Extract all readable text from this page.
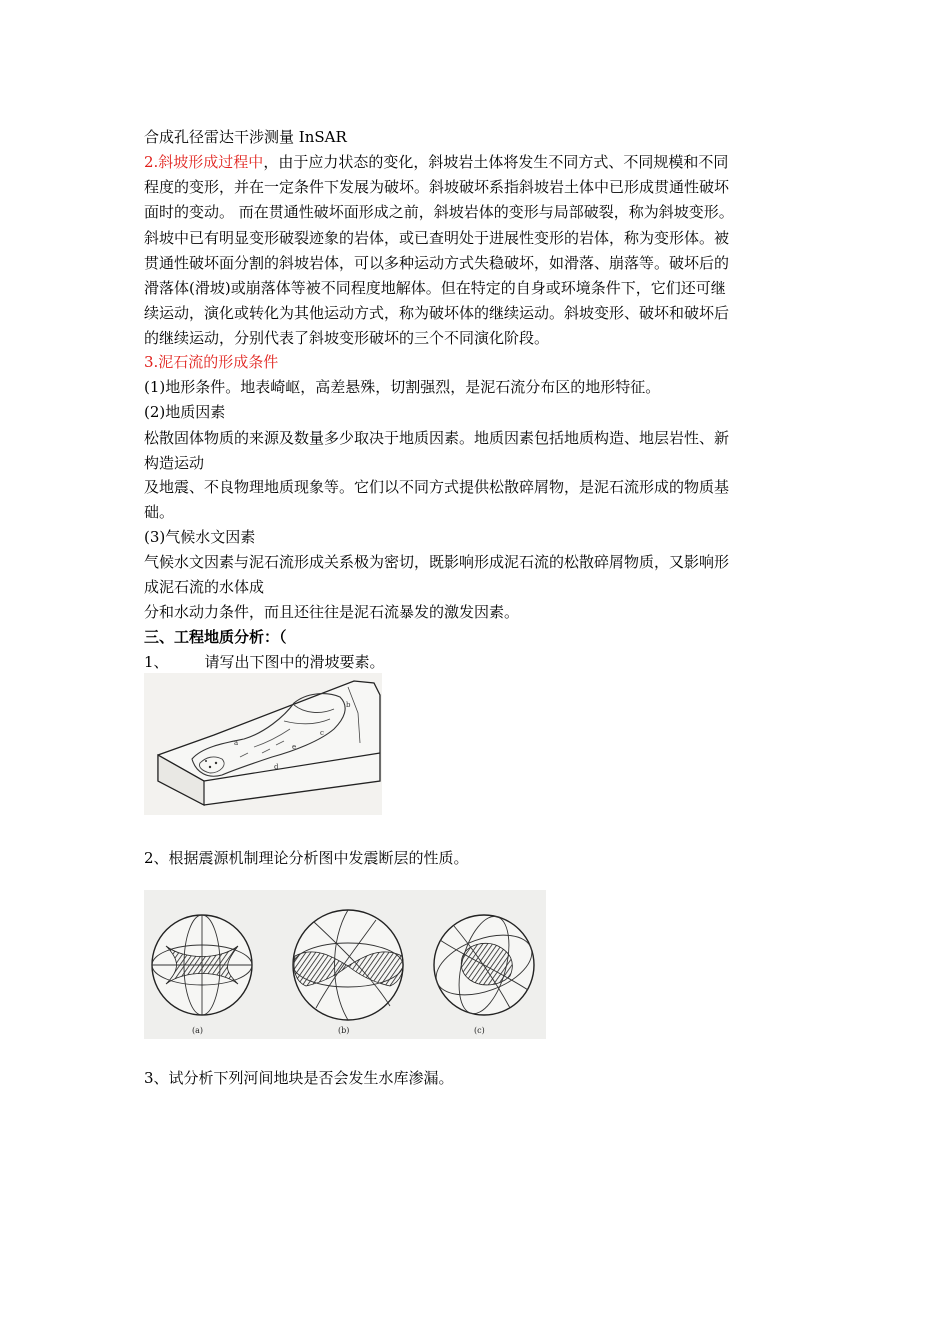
合成孔径雷达干涉测量 InSAR
2.斜坡形成过程中，由于应力状态的变化，斜坡岩土体将发生不同方式、不同规模和不同
程度的变形，并在一定条件下发展为破坏。斜坡破坏系指斜坡岩土体中已形成贯通性破坏
面时的变动。 而在贯通性破坏面形成之前，斜坡岩体的变形与局部破裂，称为斜坡变形。
斜坡中已有明显变形破裂迹象的岩体，或已查明处于进展性变形的岩体，称为变形体。被
贯通性破坏面分割的斜坡岩体，可以多种运动方式失稳破坏，如滑落、崩落等。破坏后的
滑落体(滑坡)或崩落体等被不同程度地解体。但在特定的自身或环境条件下，它们还可继
续运动，演化或转化为其他运动方式，称为破坏体的继续运动。斜坡变形、破坏和破坏后
的继续运动，分别代表了斜坡变形破坏的三个不同演化阶段。
3.泥石流的形成条件
(1)地形条件。地表崎岖，高差悬殊，切割强烈，是泥石流分布区的地形特征。
(2)地质因素
松散固体物质的来源及数量多少取决于地质因素。地质因素包括地质构造、地层岩性、新
构造运动
及地震、不良物理地质现象等。它们以不同方式提供松散碎屑物，是泥石流形成的物质基
础。
(3)气候水文因素
气候水文因素与泥石流形成关系极为密切，既影响形成泥石流的松散碎屑物质，又影响形
成泥石流的水体成
分和水动力条件，而且还往往是泥石流暴发的激发因素。
三、工程地质分析：（
1、 请写出下图中的滑坡要素。
b
c
e
d
a
2、根据震源机制理论分析图中发震断层的性质。
(a)	(b)	(c)
3、试分析下列河间地块是否会发生水库渗漏。
